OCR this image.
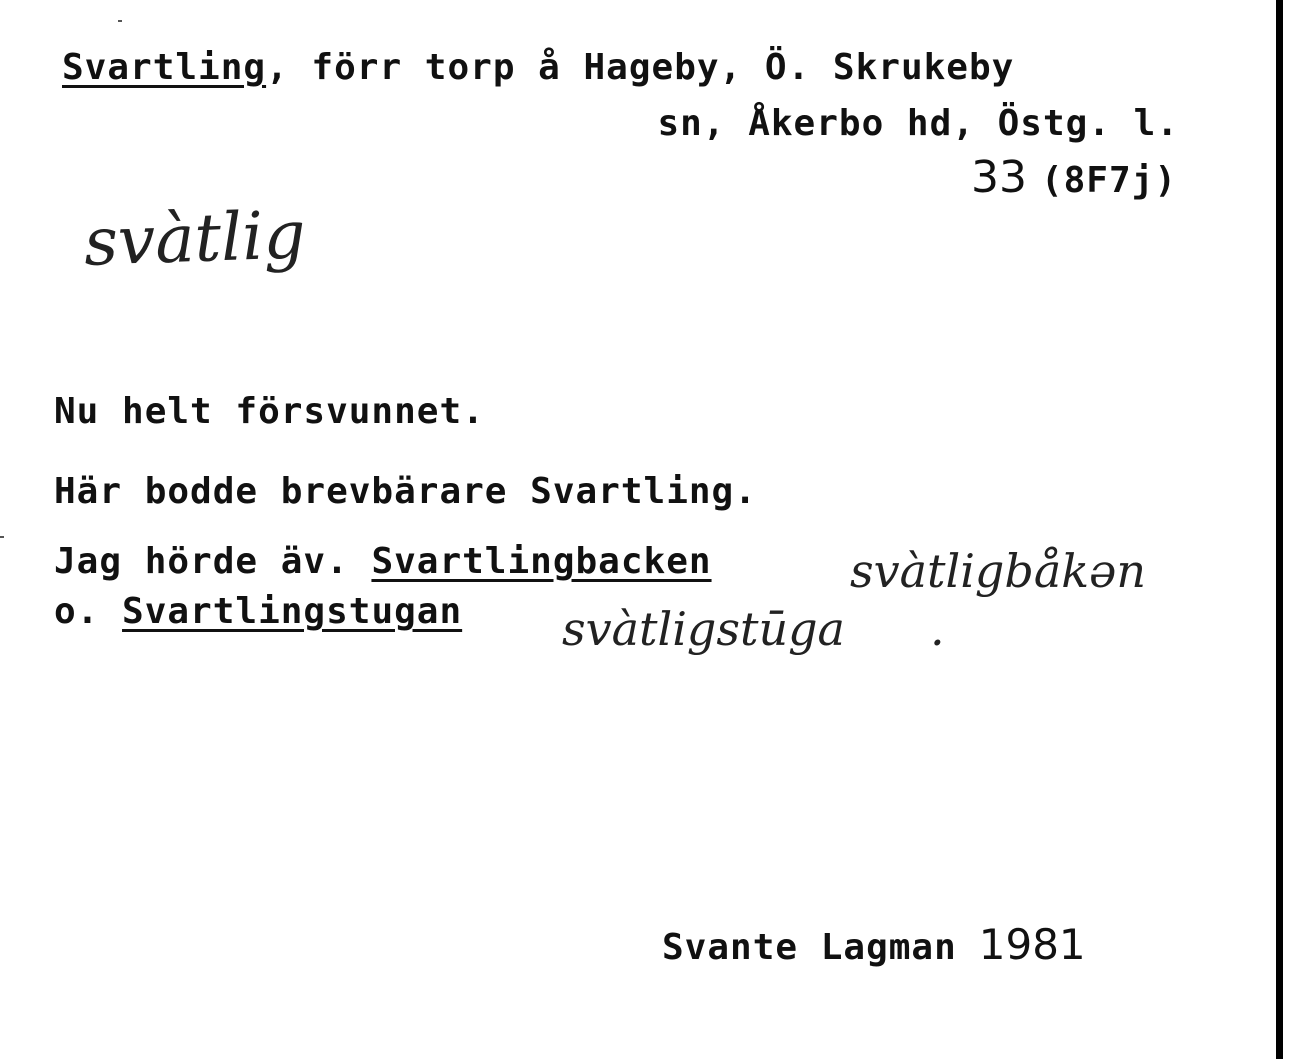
Svartling, förr torp å Hageby, Ö. Skrukeby
sn, Åkerbo hd, Östg. l.
33 (8F7j)
svàtlig
Nu helt försvunnet.
Här bodde brevbärare Svartling.
Jag hörde äv. Svartlingbacken	svàtligbåkən
o. Svartlingstugan svàtligstūga .
Svante Lagman 1981
